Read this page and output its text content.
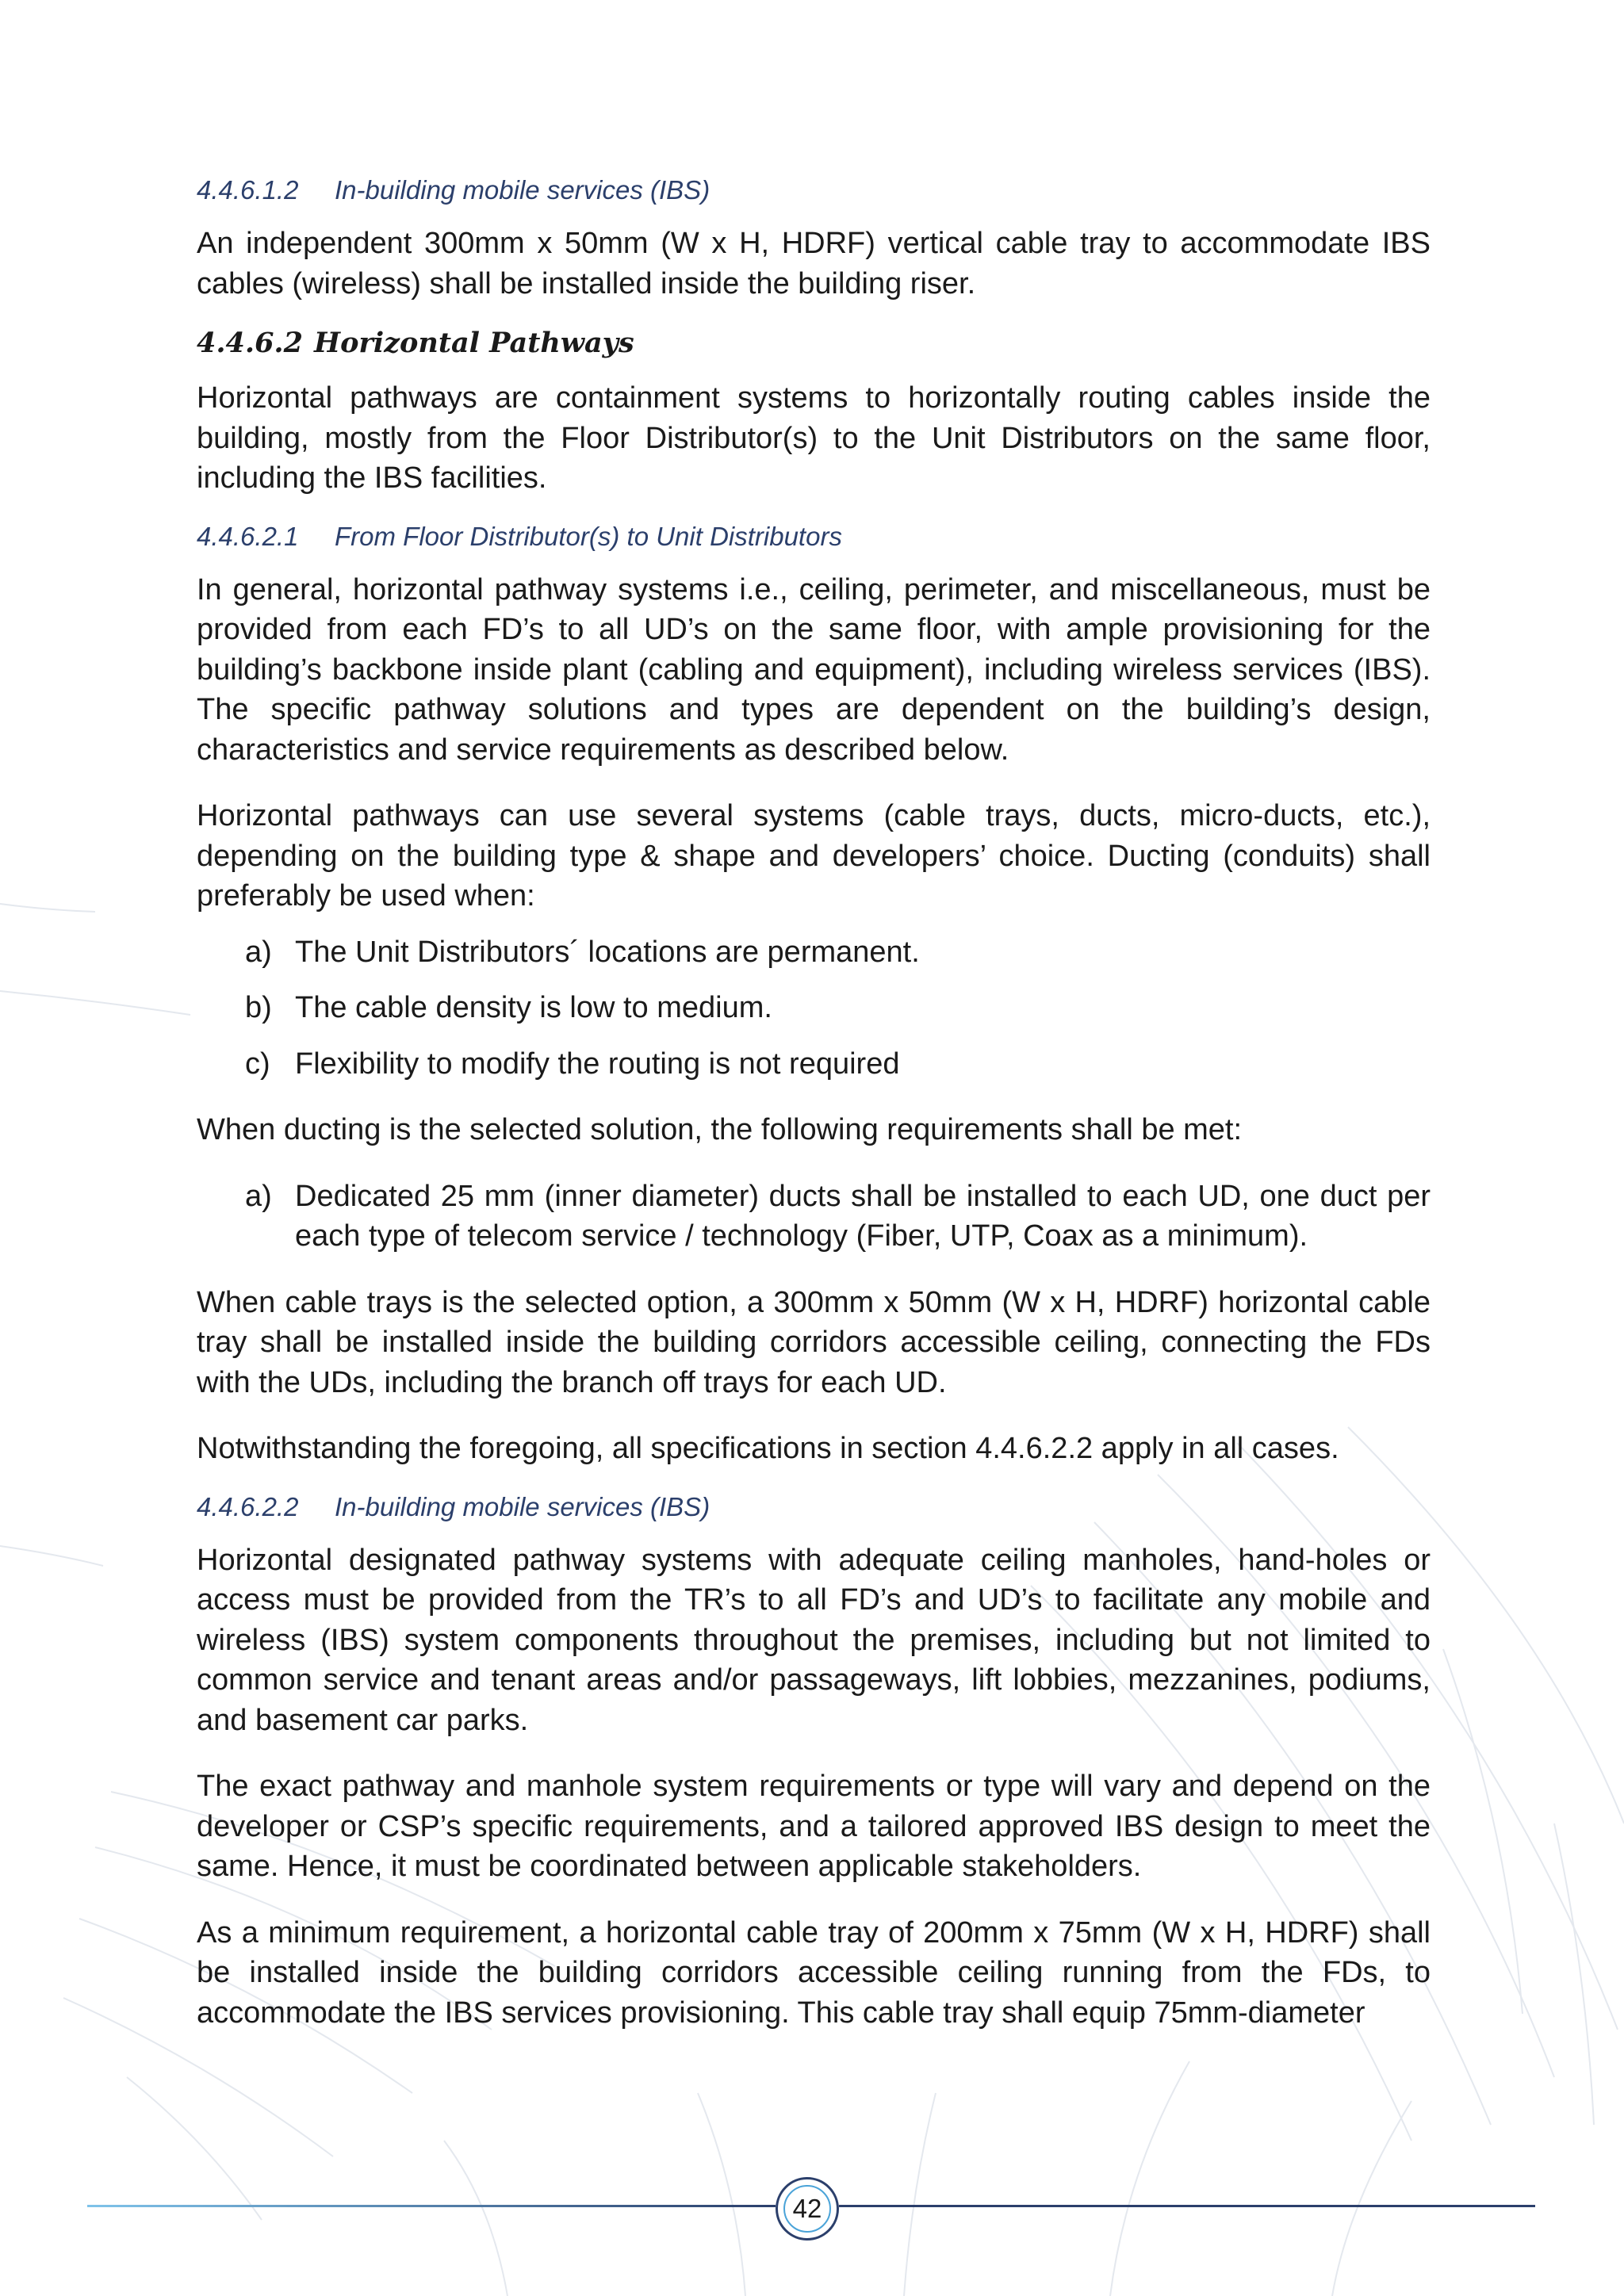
4.4.6.1.2 In-building mobile services (IBS)

An independent 300mm x 50mm (W x H, HDRF) vertical cable tray to accommodate IBS cables (wireless) shall be installed inside the building riser.

4.4.6.2 Horizontal Pathways

Horizontal pathways are containment systems to horizontally routing cables inside the building, mostly from the Floor Distributor(s) to the Unit Distributors on the same floor, including the IBS facilities.

4.4.6.2.1 From Floor Distributor(s) to Unit Distributors

In general, horizontal pathway systems i.e., ceiling, perimeter, and miscellaneous, must be provided from each FD’s to all UD’s on the same floor, with ample provisioning for the building’s backbone inside plant (cabling and equipment), including wireless services (IBS). The specific pathway solutions and types are dependent on the building’s design, characteristics and service requirements as described below.

Horizontal pathways can use several systems (cable trays, ducts, micro-ducts, etc.), depending on the building type & shape and developers’ choice. Ducting (conduits) shall preferably be used when:

a) The Unit Distributors´ locations are permanent.
b) The cable density is low to medium.
c) Flexibility to modify the routing is not required

When ducting is the selected solution, the following requirements shall be met:

a) Dedicated 25 mm (inner diameter) ducts shall be installed to each UD, one duct per each type of telecom service / technology (Fiber, UTP, Coax as a minimum).

When cable trays is the selected option, a 300mm x 50mm (W x H, HDRF) horizontal cable tray shall be installed inside the building corridors accessible ceiling, connecting the FDs with the UDs, including the branch off trays for each UD.

Notwithstanding the foregoing, all specifications in section 4.4.6.2.2 apply in all cases.

4.4.6.2.2 In-building mobile services (IBS)

Horizontal designated pathway systems with adequate ceiling manholes, hand-holes or access must be provided from the TR’s to all FD’s and UD’s to facilitate any mobile and wireless (IBS) system components throughout the premises, including but not limited to common service and tenant areas and/or passageways, lift lobbies, mezzanines, podiums, and basement car parks.

The exact pathway and manhole system requirements or type will vary and depend on the developer or CSP’s specific requirements, and a tailored approved IBS design to meet the same. Hence, it must be coordinated between applicable stakeholders.

As a minimum requirement, a horizontal cable tray of 200mm x 75mm (W x H, HDRF) shall be installed inside the building corridors accessible ceiling running from the FDs, to accommodate the IBS services provisioning. This cable tray shall equip 75mm-diameter

42
